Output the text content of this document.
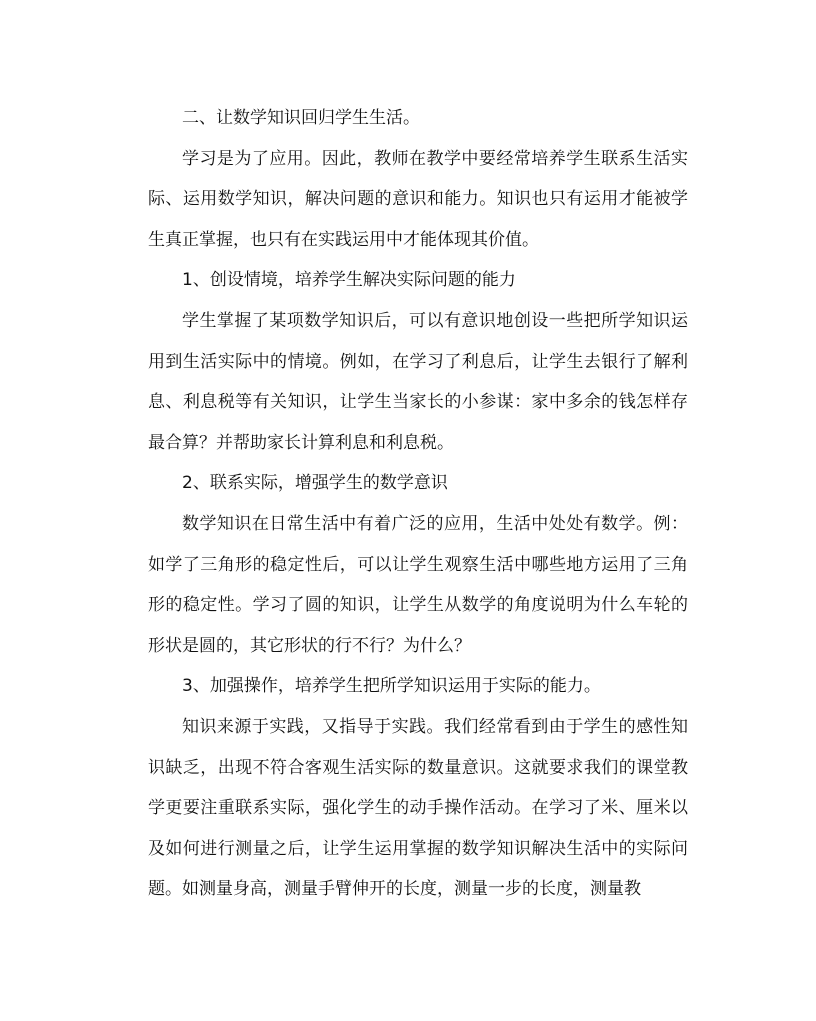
二、让数学知识回归学生生活。

学习是为了应用。因此，教师在教学中要经常培养学生联系生活实际、运用数学知识，解决问题的意识和能力。知识也只有运用才能被学生真正掌握，也只有在实践运用中才能体现其价值。

1、创设情境，培养学生解决实际问题的能力

学生掌握了某项数学知识后，可以有意识地创设一些把所学知识运用到生活实际中的情境。例如，在学习了利息后，让学生去银行了解利息、利息税等有关知识，让学生当家长的小参谋：家中多余的钱怎样存最合算？并帮助家长计算利息和利息税。

2、联系实际，增强学生的数学意识

数学知识在日常生活中有着广泛的应用，生活中处处有数学。例：如学了三角形的稳定性后，可以让学生观察生活中哪些地方运用了三角形的稳定性。学习了圆的知识，让学生从数学的角度说明为什么车轮的形状是圆的，其它形状的行不行？为什么？

3、加强操作，培养学生把所学知识运用于实际的能力。

知识来源于实践，又指导于实践。我们经常看到由于学生的感性知识缺乏，出现不符合客观生活实际的数量意识。这就要求我们的课堂教学更要注重联系实际，强化学生的动手操作活动。在学习了米、厘米以及如何进行测量之后，让学生运用掌握的数学知识解决生活中的实际问题。如测量身高，测量手臂伸开的长度，测量一步的长度，测量教
